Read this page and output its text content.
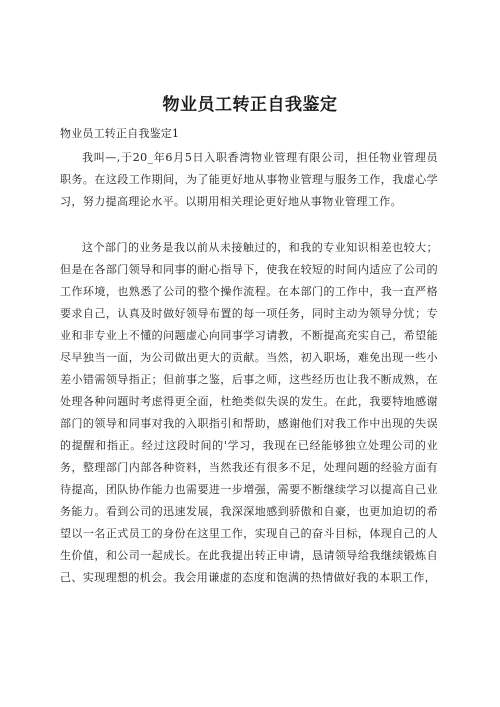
物业员工转正自我鉴定
物业员工转正自我鉴定1

我叫—,于20_年6月5日入职香湾物业管理有限公司，担任物业管理员职务。在这段工作期间，为了能更好地从事物业管理与服务工作，我虚心学习，努力提高理论水平。以期用相关理论更好地从事物业管理工作。

这个部门的业务是我以前从未接触过的，和我的专业知识相差也较大；但是在各部门领导和同事的耐心指导下，使我在较短的时间内适应了公司的工作环境，也熟悉了公司的整个操作流程。在本部门的工作中，我一直严格要求自己，认真及时做好领导布置的每一项任务，同时主动为领导分忧；专业和非专业上不懂的问题虚心向同事学习请教，不断提高充实自己，希望能尽早独当一面，为公司做出更大的贡献。当然，初入职场，难免出现一些小差小错需领导指正；但前事之鉴，后事之师，这些经历也让我不断成熟，在处理各种问题时考虑得更全面，杜绝类似失误的发生。在此，我要特地感谢部门的领导和同事对我的入职指引和帮助，感谢他们对我工作中出现的失误的提醒和指正。经过这段时间的'学习，我现在已经能够独立处理公司的业务，整理部门内部各种资料，当然我还有很多不足，处理问题的经验方面有待提高，团队协作能力也需要进一步增强，需要不断继续学习以提高自己业务能力。看到公司的迅速发展，我深深地感到骄傲和自豪，也更加迫切的希望以一名正式员工的身份在这里工作，实现自己的奋斗目标，体现自己的人生价值，和公司一起成长。在此我提出转正申请，恳请领导给我继续锻炼自己、实现理想的机会。我会用谦虚的态度和饱满的热情做好我的本职工作，
